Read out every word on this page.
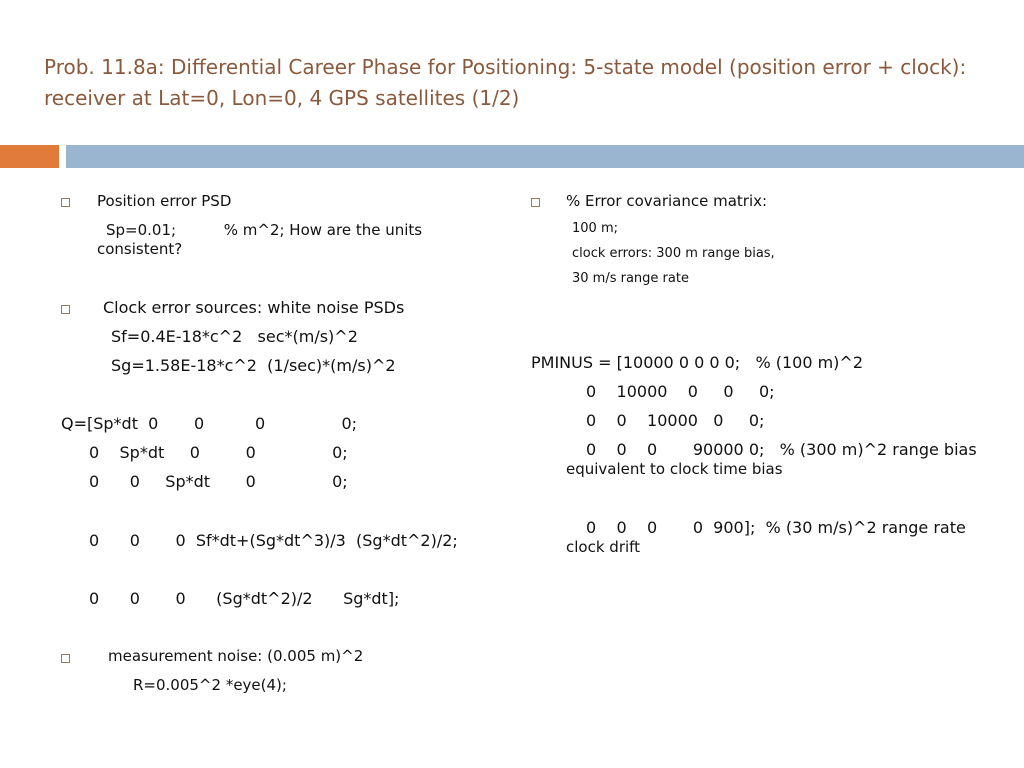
Prob. 11.8a: Differential Career Phase for Positioning: 5-state model (position error + clock):
receiver at Lat=0, Lon=0, 4 GPS satellites (1/2)
Position error PSD
Sp=0.01;          % m^2; How are the units
consistent?
Clock error sources: white noise PSDs
Sf=0.4E-18*c^2   sec*(m/s)^2
Sg=1.58E-18*c^2  (1/sec)*(m/s)^2
Q=[Sp*dt  0       0          0               0;
0    Sp*dt     0         0               0;
0      0     Sp*dt       0               0;
0      0       0  Sf*dt+(Sg*dt^3)/3  (Sg*dt^2)/2;
0      0       0      (Sg*dt^2)/2      Sg*dt];
measurement noise: (0.005 m)^2
R=0.005^2 *eye(4);
% Error covariance matrix:
100 m;
clock errors: 300 m range bias,
30 m/s range rate
PMINUS = [10000 0 0 0 0;   % (100 m)^2
0    10000    0     0     0;
0    0    10000   0     0;
0    0    0       90000 0;   % (300 m)^2 range bias
equivalent to clock time bias
0    0    0       0  900];  % (30 m/s)^2 range rate
clock drift
